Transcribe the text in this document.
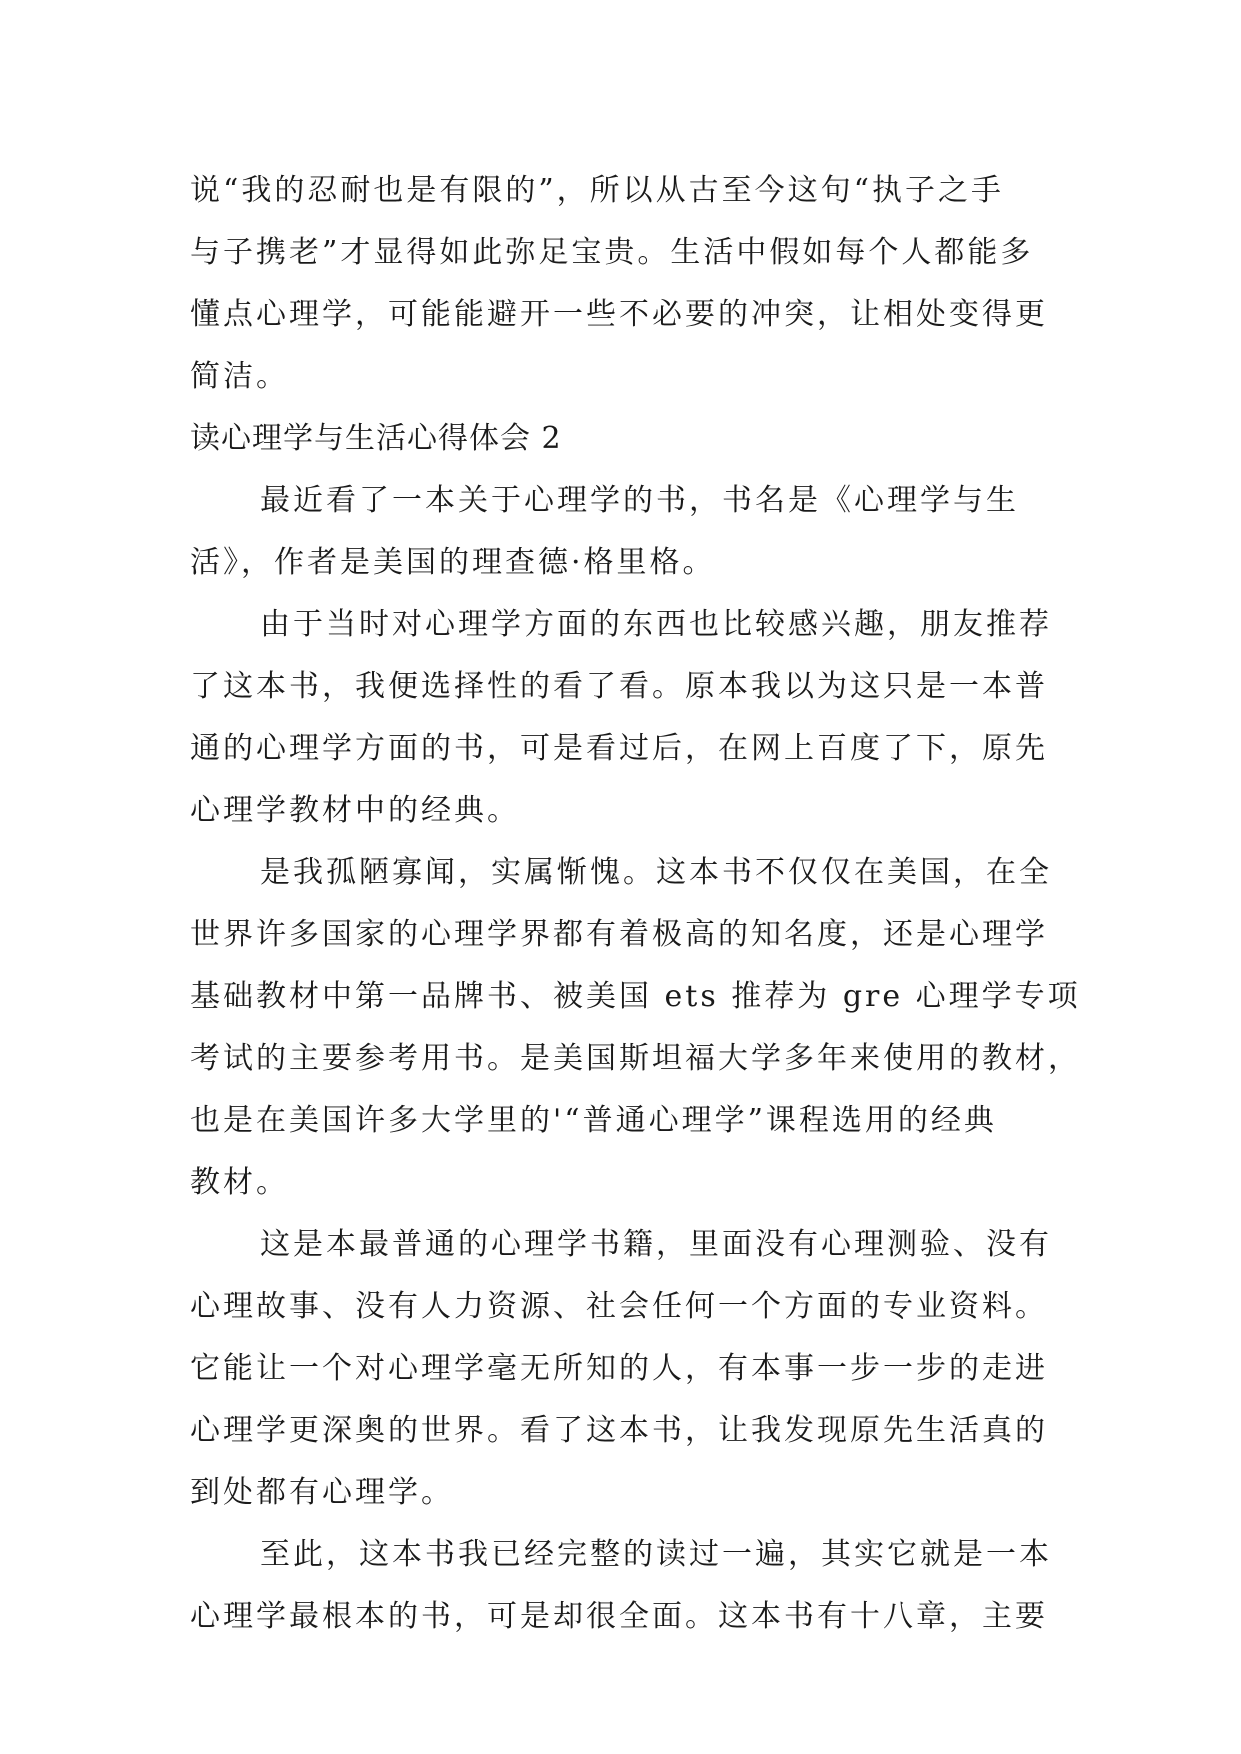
说“我的忍耐也是有限的”，所以从古至今这句“执子之手
与子携老”才显得如此弥足宝贵。生活中假如每个人都能多
懂点心理学，可能能避开一些不必要的冲突，让相处变得更
简洁。
读心理学与生活心得体会 2
最近看了一本关于心理学的书，书名是《心理学与生
活》，作者是美国的理查德·格里格。
由于当时对心理学方面的东西也比较感兴趣，朋友推荐
了这本书，我便选择性的看了看。原本我以为这只是一本普
通的心理学方面的书，可是看过后，在网上百度了下，原先
心理学教材中的经典。
是我孤陋寡闻，实属惭愧。这本书不仅仅在美国，在全
世界许多国家的心理学界都有着极高的知名度，还是心理学
基础教材中第一品牌书、被美国 ets 推荐为 gre 心理学专项
考试的主要参考用书。是美国斯坦福大学多年来使用的教材，
也是在美国许多大学里的'“普通心理学”课程选用的经典
教材。
这是本最普通的心理学书籍，里面没有心理测验、没有
心理故事、没有人力资源、社会任何一个方面的专业资料。
它能让一个对心理学毫无所知的人，有本事一步一步的走进
心理学更深奥的世界。看了这本书，让我发现原先生活真的
到处都有心理学。
至此，这本书我已经完整的读过一遍，其实它就是一本
心理学最根本的书，可是却很全面。这本书有十八章，主要
